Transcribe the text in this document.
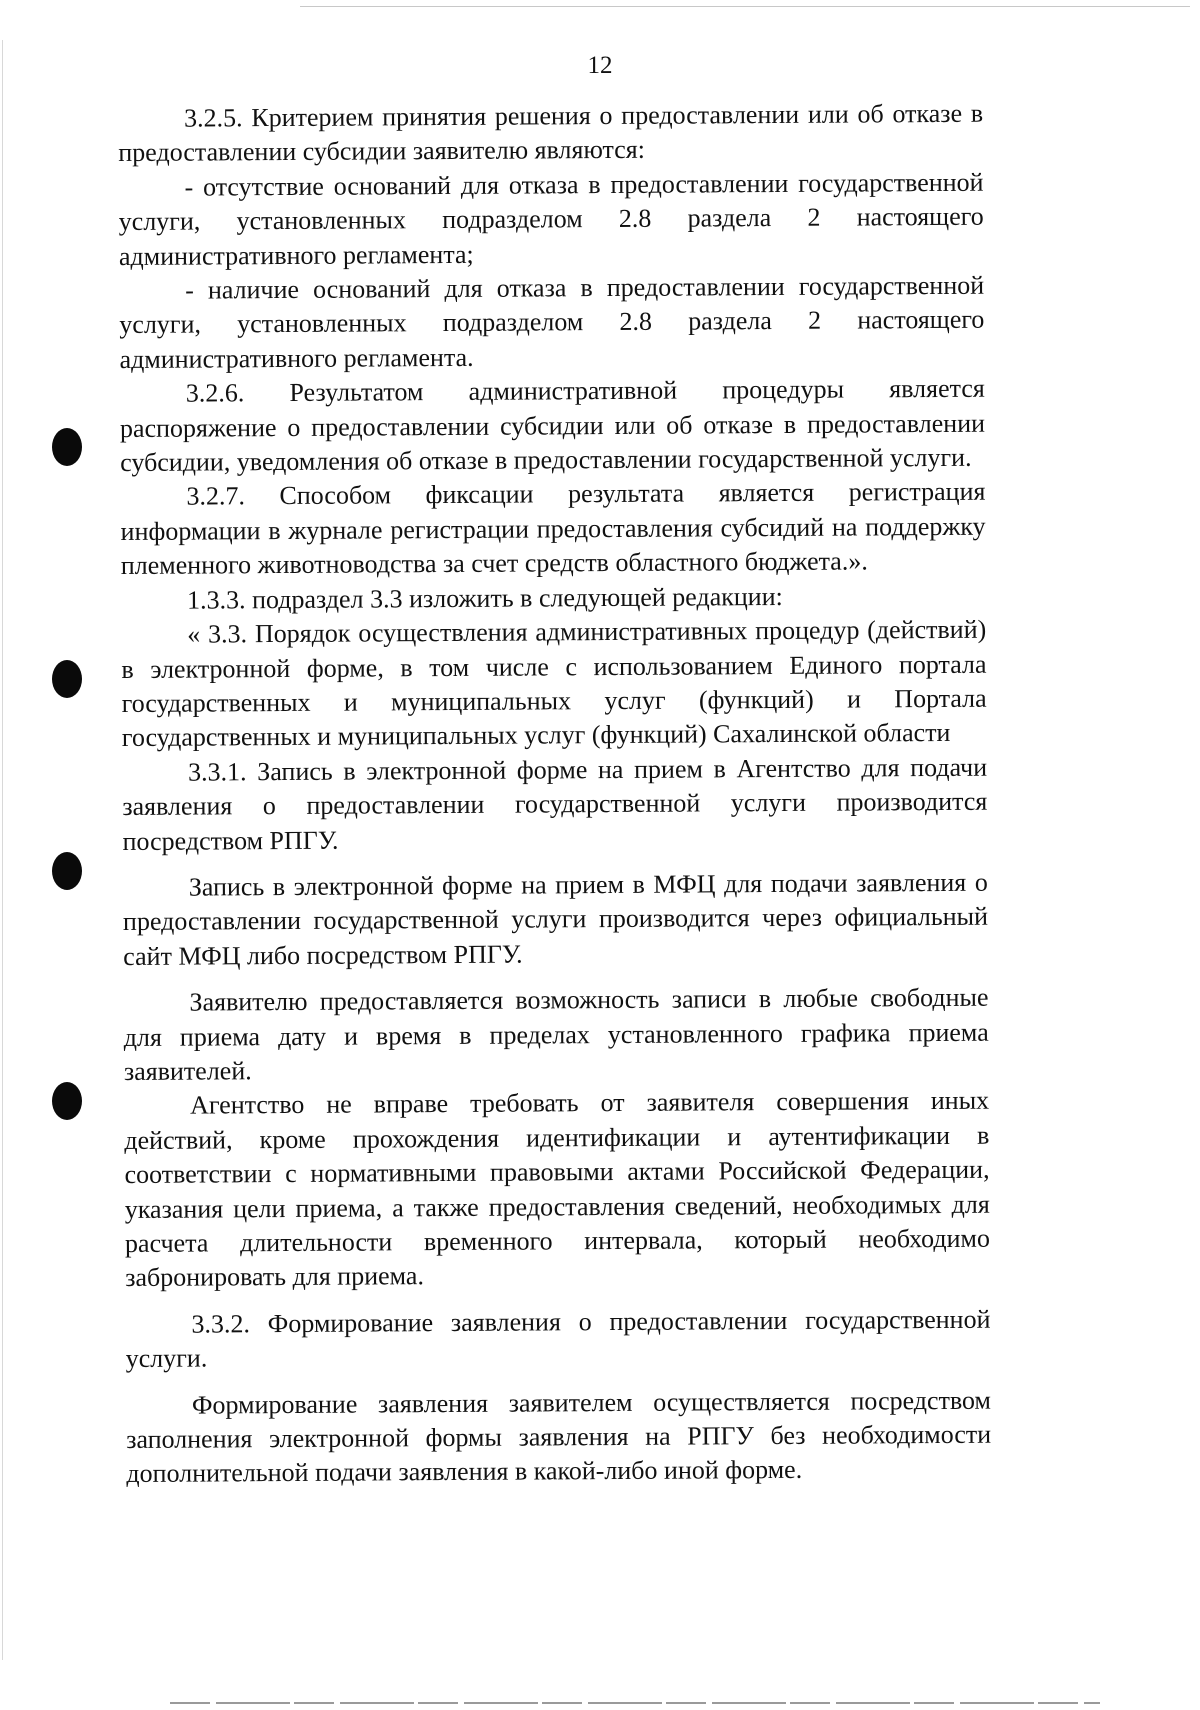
12

3.2.5. Критерием принятия решения о предоставлении или об отказе в предоставлении субсидии заявителю являются:

- отсутствие оснований для отказа в предоставлении государственной услуги, установленных подразделом 2.8 раздела 2 настоящего административного регламента;

- наличие оснований для отказа в предоставлении государственной услуги, установленных подразделом 2.8 раздела 2 настоящего административного регламента.

3.2.6. Результатом административной процедуры является распоряжение о предоставлении субсидии или об отказе в предоставлении субсидии, уведомления об отказе в предоставлении государственной услуги.

3.2.7. Способом фиксации результата является регистрация информации в журнале регистрации предоставления субсидий на поддержку племенного животноводства за счет средств областного бюджета.».

1.3.3. подраздел 3.3 изложить в следующей редакции:

« 3.3. Порядок осуществления административных процедур (действий) в электронной форме, в том числе с использованием Единого портала государственных и муниципальных услуг (функций) и Портала государственных и муниципальных услуг (функций) Сахалинской области

3.3.1. Запись в электронной форме на прием в Агентство для подачи заявления о предоставлении государственной услуги производится посредством РПГУ.

Запись в электронной форме на прием в МФЦ для подачи заявления о предоставлении государственной услуги производится через официальный сайт МФЦ либо посредством РПГУ.

Заявителю предоставляется возможность записи в любые свободные для приема дату и время в пределах установленного графика приема заявителей.

Агентство не вправе требовать от заявителя совершения иных действий, кроме прохождения идентификации и аутентификации в соответствии с нормативными правовыми актами Российской Федерации, указания цели приема, а также предоставления сведений, необходимых для расчета длительности временного интервала, который необходимо забронировать для приема.

3.3.2. Формирование заявления о предоставлении государственной услуги.

Формирование заявления заявителем осуществляется посредством заполнения электронной формы заявления на РПГУ без необходимости дополнительной подачи заявления в какой-либо иной форме.
